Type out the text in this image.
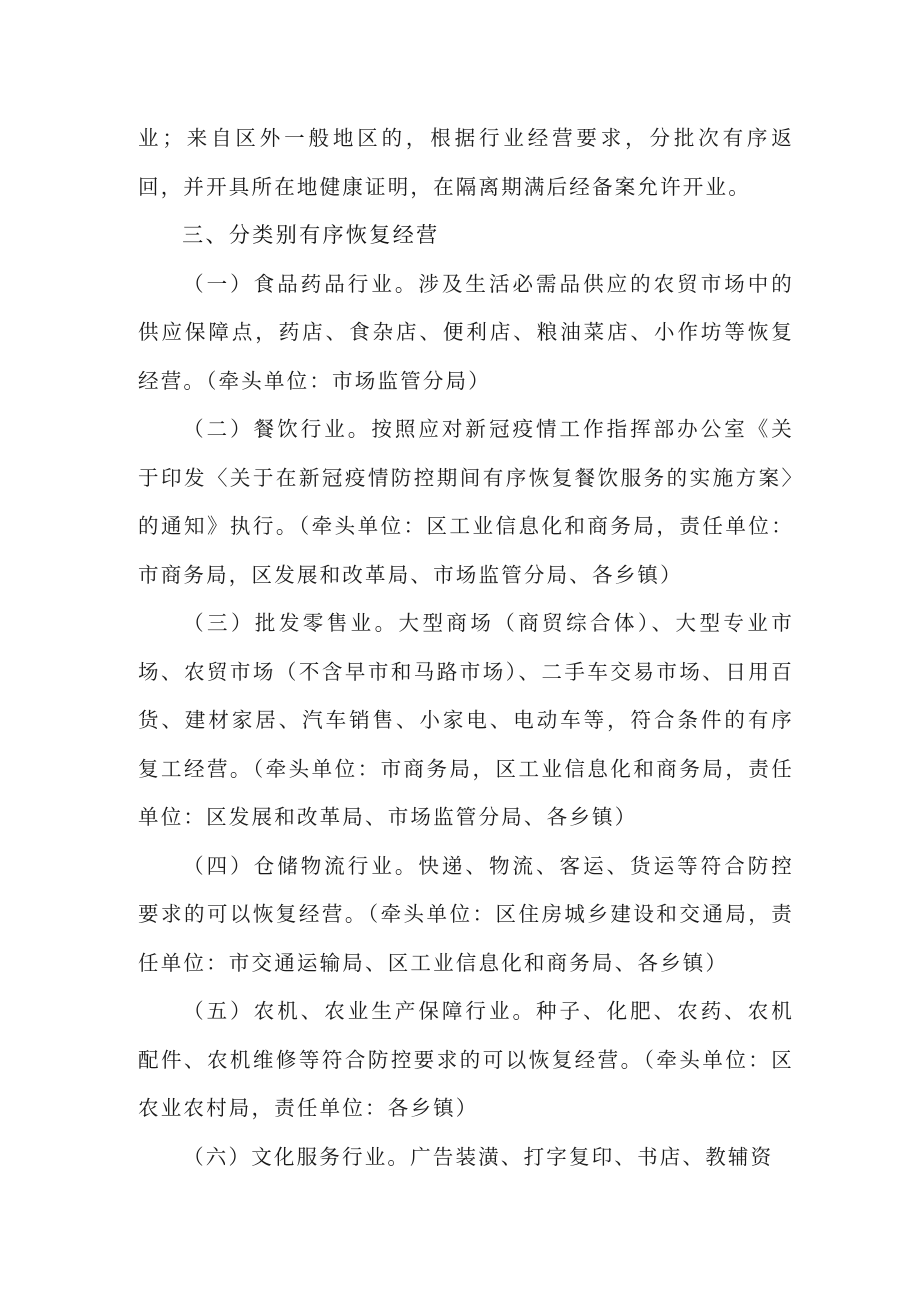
业；来自区外一般地区的，根据行业经营要求，分批次有序返回，并开具所在地健康证明，在隔离期满后经备案允许开业。

三、分类别有序恢复经营

（一）食品药品行业。涉及生活必需品供应的农贸市场中的供应保障点，药店、食杂店、便利店、粮油菜店、小作坊等恢复经营。（牵头单位：市场监管分局）

（二）餐饮行业。按照应对新冠疫情工作指挥部办公室《关于印发〈关于在新冠疫情防控期间有序恢复餐饮服务的实施方案〉的通知》执行。（牵头单位：区工业信息化和商务局，责任单位：市商务局，区发展和改革局、市场监管分局、各乡镇）

（三）批发零售业。大型商场（商贸综合体）、大型专业市场、农贸市场（不含早市和马路市场）、二手车交易市场、日用百货、建材家居、汽车销售、小家电、电动车等，符合条件的有序复工经营。（牵头单位：市商务局，区工业信息化和商务局，责任单位：区发展和改革局、市场监管分局、各乡镇）

（四）仓储物流行业。快递、物流、客运、货运等符合防控要求的可以恢复经营。（牵头单位：区住房城乡建设和交通局，责任单位：市交通运输局、区工业信息化和商务局、各乡镇）

（五）农机、农业生产保障行业。种子、化肥、农药、农机配件、农机维修等符合防控要求的可以恢复经营。（牵头单位：区农业农村局，责任单位：各乡镇）

（六）文化服务行业。广告装潢、打字复印、书店、教辅资
